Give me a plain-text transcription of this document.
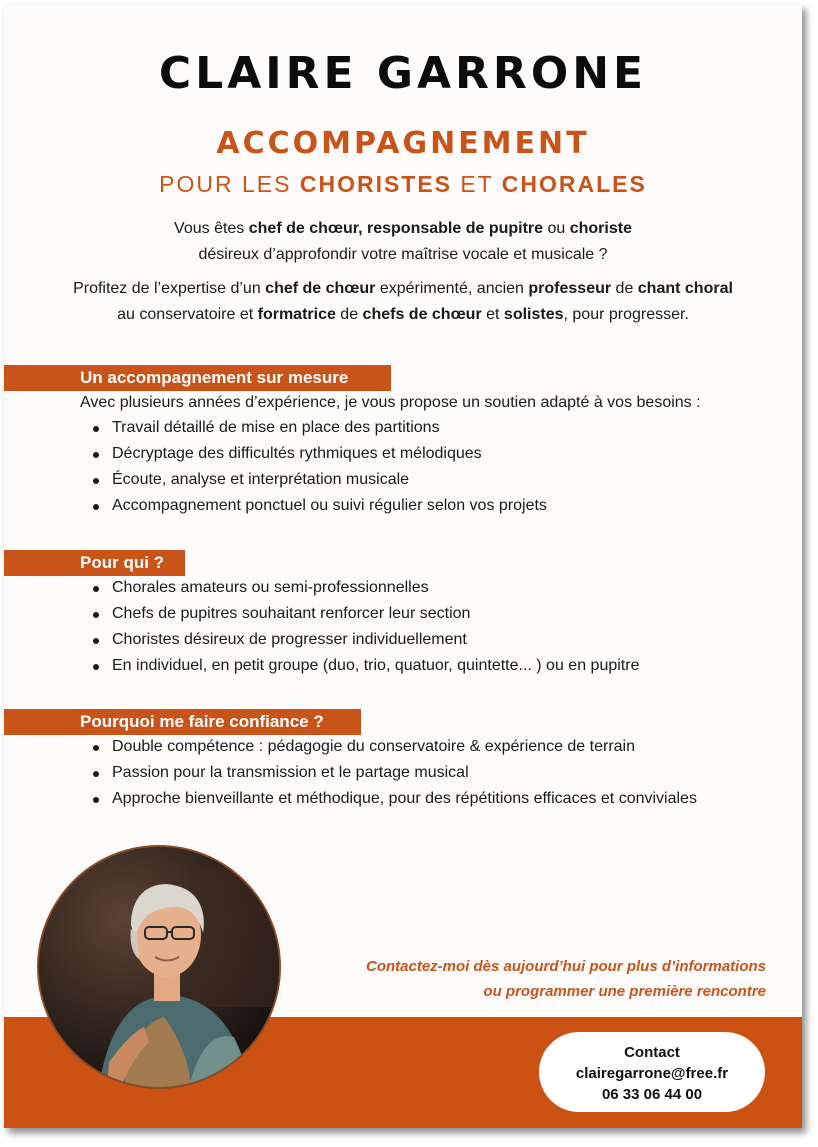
CLAIRE GARRONE
ACCOMPAGNEMENT
POUR LES CHORISTES ET CHORALES
Vous êtes chef de chœur, responsable de pupitre ou choriste
désireux d’approfondir votre maîtrise vocale et musicale ?
Profitez de l’expertise d’un chef de chœur expérimenté, ancien professeur de chant choral
au conservatoire et formatrice de chefs de chœur et solistes, pour progresser.
Un accompagnement sur mesure
Avec plusieurs années d’expérience, je vous propose un soutien adapté à vos besoins :
Travail détaillé de mise en place des partitions
Décryptage des difficultés rythmiques et mélodiques
Écoute, analyse et interprétation musicale
Accompagnement ponctuel ou suivi régulier selon vos projets
Pour qui ?
Chorales amateurs ou semi-professionnelles
Chefs de pupitres souhaitant renforcer leur section
Choristes désireux de progresser individuellement
En individuel, en petit groupe (duo, trio, quatuor, quintette... ) ou en pupitre
Pourquoi me faire confiance ?
Double compétence : pédagogie du conservatoire & expérience de terrain
Passion pour la transmission et le partage musical
Approche bienveillante et méthodique, pour des répétitions efficaces et conviviales
Contactez-moi dès aujourd’hui pour plus d’informations
ou programmer une première rencontre
Contact
clairegarrone@free.fr
06 33 06 44 00
